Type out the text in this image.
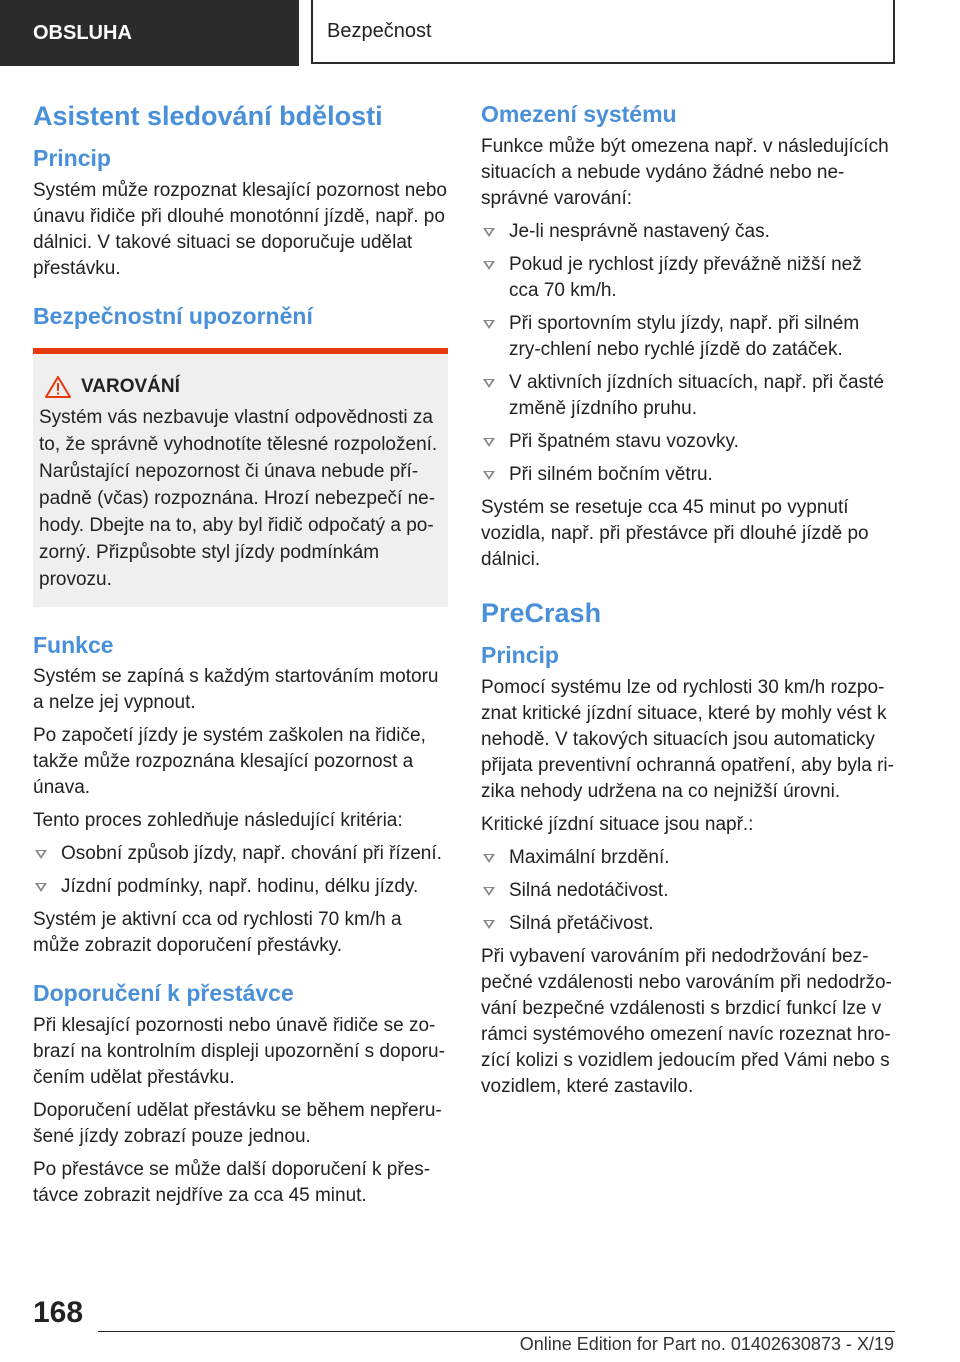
OBSLUHA	Bezpečnost
Asistent sledování bdělosti
Princip

Systém může rozpoznat klesající pozornost nebo únavu řidiče při dlouhé monotónní jízdě, např. po dálnici. V takové situaci se doporučuje udělat přestávku.

Bezpečnostní upozornění
VAROVÁNÍ

Systém vás nezbavuje vlastní odpovědnosti za to, že správně vyhodnotíte tělesné rozpoložení. Narůstající nepozornost či únava nebude pří-padně (včas) rozpoznána. Hrozí nebezpečí ne-hody. Dbejte na to, aby byl řidič odpočatý a po-zorný. Přizpůsobte styl jízdy podmínkám provozu.

Funkce

Systém se zapíná s každým startováním motoru a nelze jej vypnout.

Po započetí jízdy je systém zaškolen na řidiče, takže může rozpoznána klesající pozornost a únava.

Tento proces zohledňuje následující kritéria:

Osobní způsob jízdy, např. chování při řízení.
Jízdní podmínky, např. hodinu, délku jízdy.

Systém je aktivní cca od rychlosti 70 km/h a může zobrazit doporučení přestávky.

Doporučení k přestávce

Při klesající pozornosti nebo únavě řidiče se zo-brazí na kontrolním displeji upozornění s doporu-čením udělat přestávku.

Doporučení udělat přestávku se během nepřeru-šené jízdy zobrazí pouze jednou.

Po přestávce se může další doporučení k přes-távce zobrazit nejdříve za cca 45 minut.

Omezení systému

Funkce může být omezena např. v následujících situacích a nebude vydáno žádné nebo ne-správné varování:

Je-li nesprávně nastavený čas.
Pokud je rychlost jízdy převážně nižší než cca 70 km/h.
Při sportovním stylu jízdy, např. při silném zry-chlení nebo rychlé jízdě do zatáček.
V aktivních jízdních situacích, např. při časté změně jízdního pruhu.
Při špatném stavu vozovky.
Při silném bočním větru.

Systém se resetuje cca 45 minut po vypnutí vozidla, např. při přestávce při dlouhé jízdě po dálnici.

PreCrash
Princip

Pomocí systému lze od rychlosti 30 km/h rozpo-znat kritické jízdní situace, které by mohly vést k nehodě. V takových situacích jsou automaticky přijata preventivní ochranná opatření, aby byla ri-zika nehody udržena na co nejnižší úrovni.

Kritické jízdní situace jsou např.:

Maximální brzdění.
Silná nedotáčivost.
Silná přetáčivost.

Při vybavení varováním při nedodržování bez-pečné vzdálenosti nebo varováním při nedodržo-vání bezpečné vzdálenosti s brzdicí funkcí lze v rámci systémového omezení navíc rozeznat hro-zící kolizi s vozidlem jedoucím před Vámi nebo s vozidlem, které zastavilo.

168
Online Edition for Part no. 01402630873 - X/19
